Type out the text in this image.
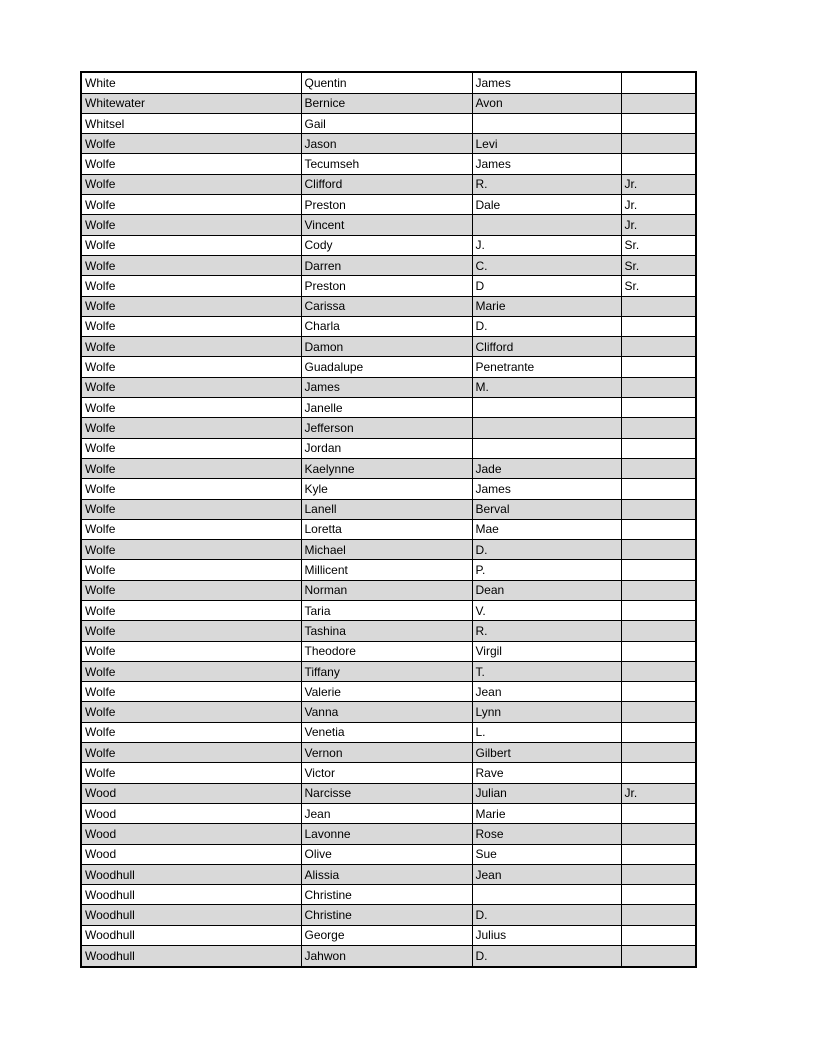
White	Quentin	James	
Whitewater	Bernice	Avon	
Whitsel	Gail		
Wolfe	Jason	Levi	
Wolfe	Tecumseh	James	
Wolfe	Clifford	R.	Jr.
Wolfe	Preston	Dale	Jr.
Wolfe	Vincent		Jr.
Wolfe	Cody	J.	Sr.
Wolfe	Darren	C.	Sr.
Wolfe	Preston	D	Sr.
Wolfe	Carissa	Marie	
Wolfe	Charla	D.	
Wolfe	Damon	Clifford	
Wolfe	Guadalupe	Penetrante	
Wolfe	James	M.	
Wolfe	Janelle		
Wolfe	Jefferson		
Wolfe	Jordan		
Wolfe	Kaelynne	Jade	
Wolfe	Kyle	James	
Wolfe	Lanell	Berval	
Wolfe	Loretta	Mae	
Wolfe	Michael	D.	
Wolfe	Millicent	P.	
Wolfe	Norman	Dean	
Wolfe	Taria	V.	
Wolfe	Tashina	R.	
Wolfe	Theodore	Virgil	
Wolfe	Tiffany	T.	
Wolfe	Valerie	Jean	
Wolfe	Vanna	Lynn	
Wolfe	Venetia	L.	
Wolfe	Vernon	Gilbert	
Wolfe	Victor	Rave	
Wood	Narcisse	Julian	Jr.
Wood	Jean	Marie	
Wood	Lavonne	Rose	
Wood	Olive	Sue	
Woodhull	Alissia	Jean	
Woodhull	Christine		
Woodhull	Christine	D.	
Woodhull	George	Julius	
Woodhull	Jahwon	D.	
